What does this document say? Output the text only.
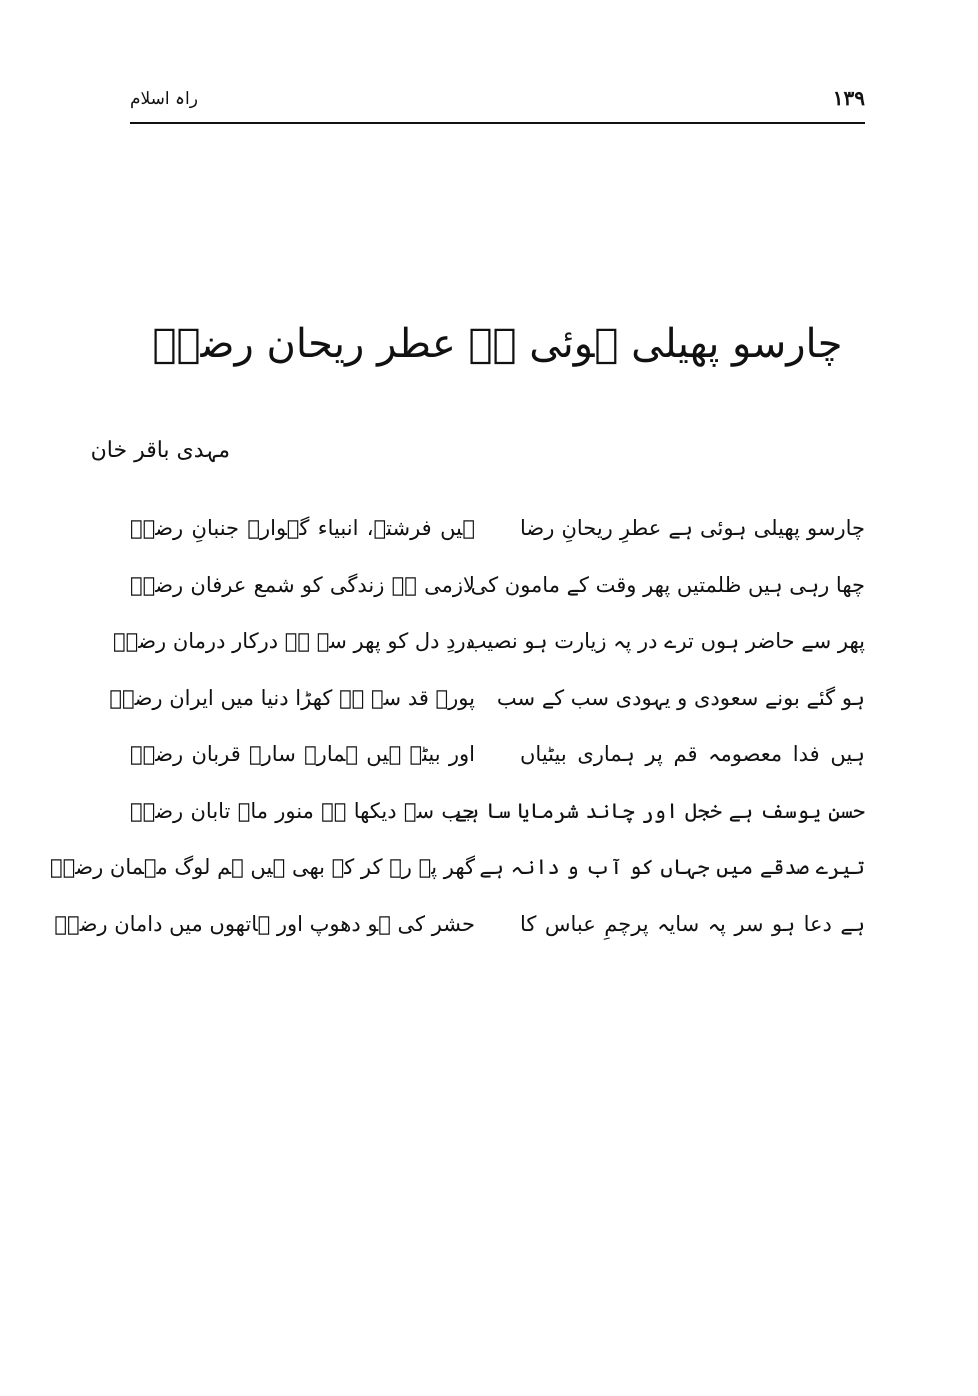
۱۳۹
راہ اسلام
چارسو پھیلی ہوئی ہے عطر ریحان رضاؑ
مہدی باقر خان
چارسو پھیلی ہوئی ہے عطرِ ریحانِ رضا
ہیں فرشتے، انبیاء گہوارہ جنبانِ رضاؑ
چھا رہی ہیں ظلمتیں پھر وقت کے مامون کی
لازمی ہے زندگی کو شمع عرفان رضاؑ
پھر سے حاضر ہوں ترے در پہ زیارت ہو نصیب
دردِ دل کو پھر سے ہے درکار درمان رضاؑ
ہو گئے بونے سعودی و یہودی سب کے سب
پورے قد سے ہے کھڑا دنیا میں ایران رضاؑ
ہیں فدا معصومہ قم پر ہماری بیٹیاں
اور بیٹے ہیں ہمارے سارے قربان رضاؑ
حسنِ یوسف ہے خجل اور چاند شرمایا سا ہے
جب سے دیکھا ہے منور ماہ تابان رضاؑ
تیرے صدقے میں جہاں کو آب و دانہ ہے
گھر پہ رہ کر کے بھی ہیں ہم لوگ مہمان رضاؑ
ہے دعا ہو سر پہ سایہ پرچمِ عباس کا
حشر کی ہو دھوپ اور ہاتھوں میں دامان رضاؑ
